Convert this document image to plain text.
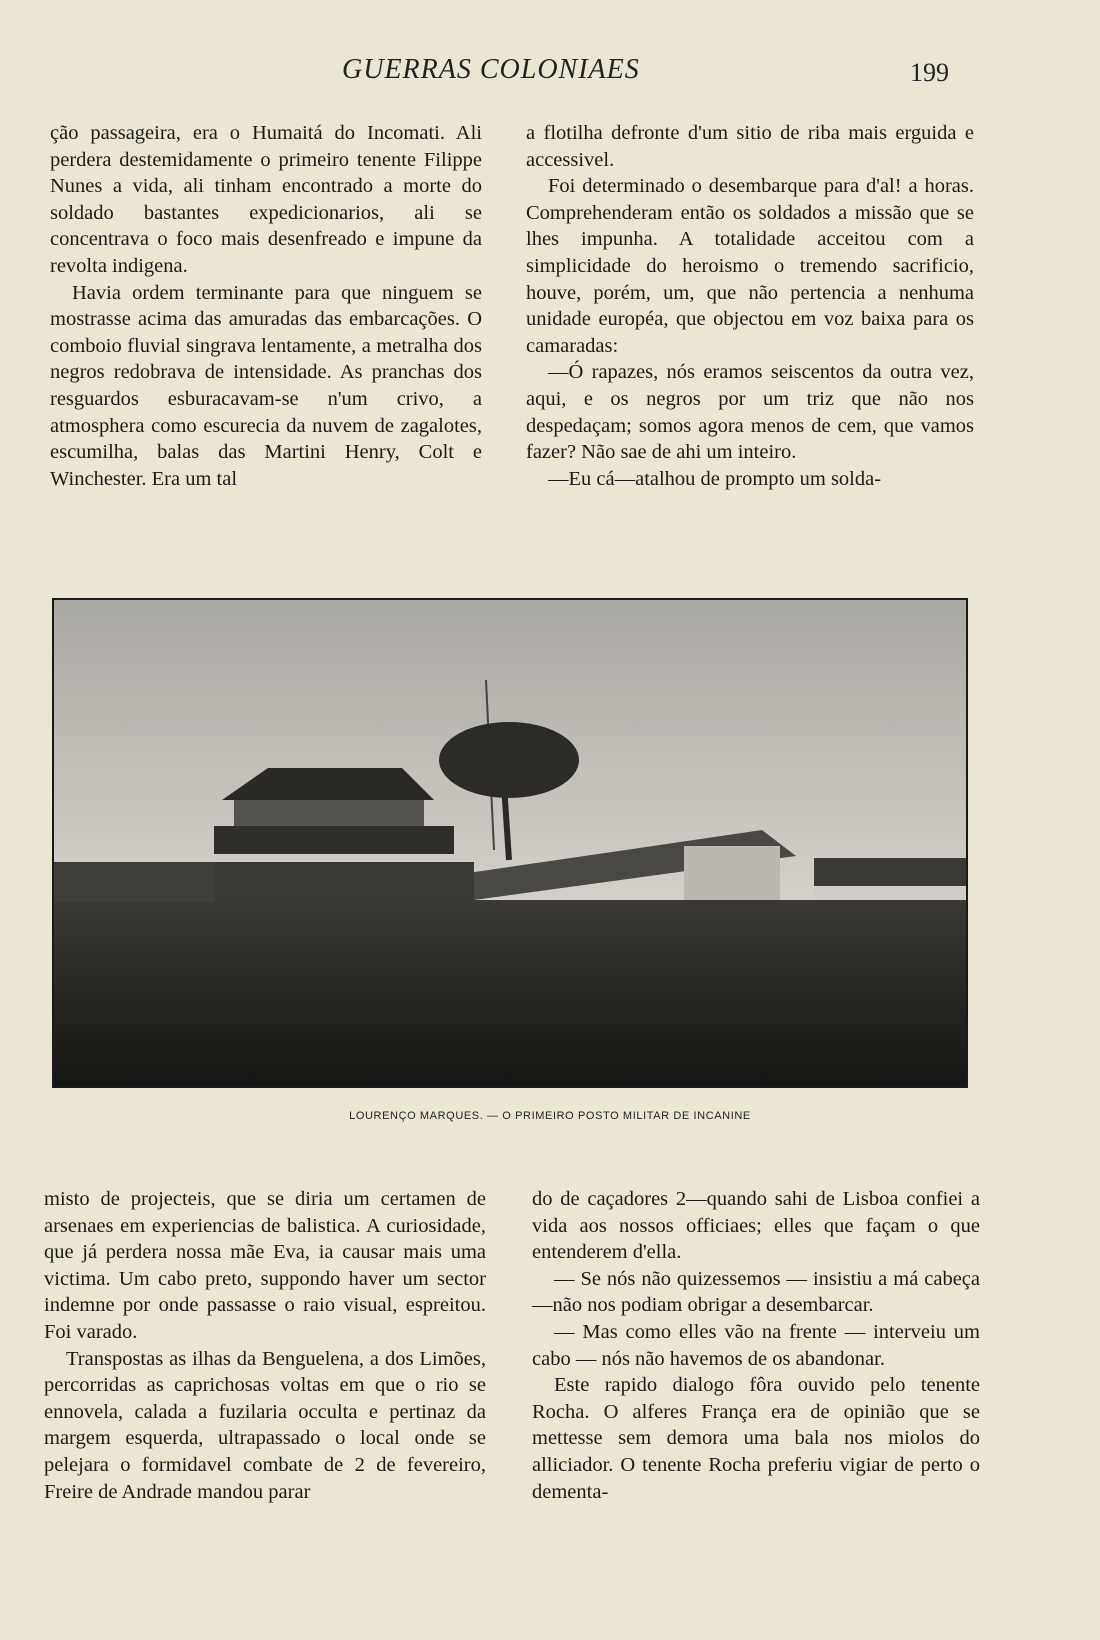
GUERRAS COLONIAES	199

ção passageira, era o Humaitá do Incomati. Ali perdera destemidamente o primeiro tenente Filippe Nunes a vida, ali tinham encontrado a morte do soldado bastantes expedicionarios, ali se concentrava o foco mais desenfreado e impune da revolta indigena.

Havia ordem terminante para que ninguem se mostrasse acima das amuradas das embarcações. O comboio fluvial singrava lentamente, a metralha dos negros redobrava de intensidade. As pranchas dos resguardos esburacavam-se n'um crivo, a atmosphera como escurecia da nuvem de zagalotes, escumilha, balas das Martini Henry, Colt e Winchester. Era um tal

a flotilha defronte d'um sitio de riba mais erguida e accessivel.

Foi determinado o desembarque para d'al! a horas. Comprehenderam então os soldados a missão que se lhes impunha. A totalidade acceitou com a simplicidade do heroismo o tremendo sacrificio, houve, porém, um, que não pertencia a nenhuma unidade européa, que objectou em voz baixa para os camaradas:

—Ó rapazes, nós eramos seiscentos da outra vez, aqui, e os negros por um triz que não nos despedaçam; somos agora menos de cem, que vamos fazer? Não sae de ahi um inteiro.

—Eu cá—atalhou de prompto um solda-

LOURENÇO MARQUES. — O PRIMEIRO POSTO MILITAR DE INCANINE

misto de projecteis, que se diria um certamen de arsenaes em experiencias de balistica. A curiosidade, que já perdera nossa mãe Eva, ia causar mais uma victima. Um cabo preto, suppondo haver um sector indemne por onde passasse o raio visual, espreitou. Foi varado.

Transpostas as ilhas da Benguelena, a dos Limões, percorridas as caprichosas voltas em que o rio se ennovela, calada a fuzilaria occulta e pertinaz da margem esquerda, ultrapassado o local onde se pelejara o formidavel combate de 2 de fevereiro, Freire de Andrade mandou parar

do de caçadores 2—quando sahi de Lisboa confiei a vida aos nossos officiaes; elles que façam o que entenderem d'ella.

— Se nós não quizessemos — insistiu a má cabeça—não nos podiam obrigar a desembarcar.

— Mas como elles vão na frente — interveiu um cabo — nós não havemos de os abandonar.

Este rapido dialogo fôra ouvido pelo tenente Rocha. O alferes França era de opinião que se mettesse sem demora uma bala nos miolos do alliciador. O tenente Rocha preferiu vigiar de perto o dementa-
